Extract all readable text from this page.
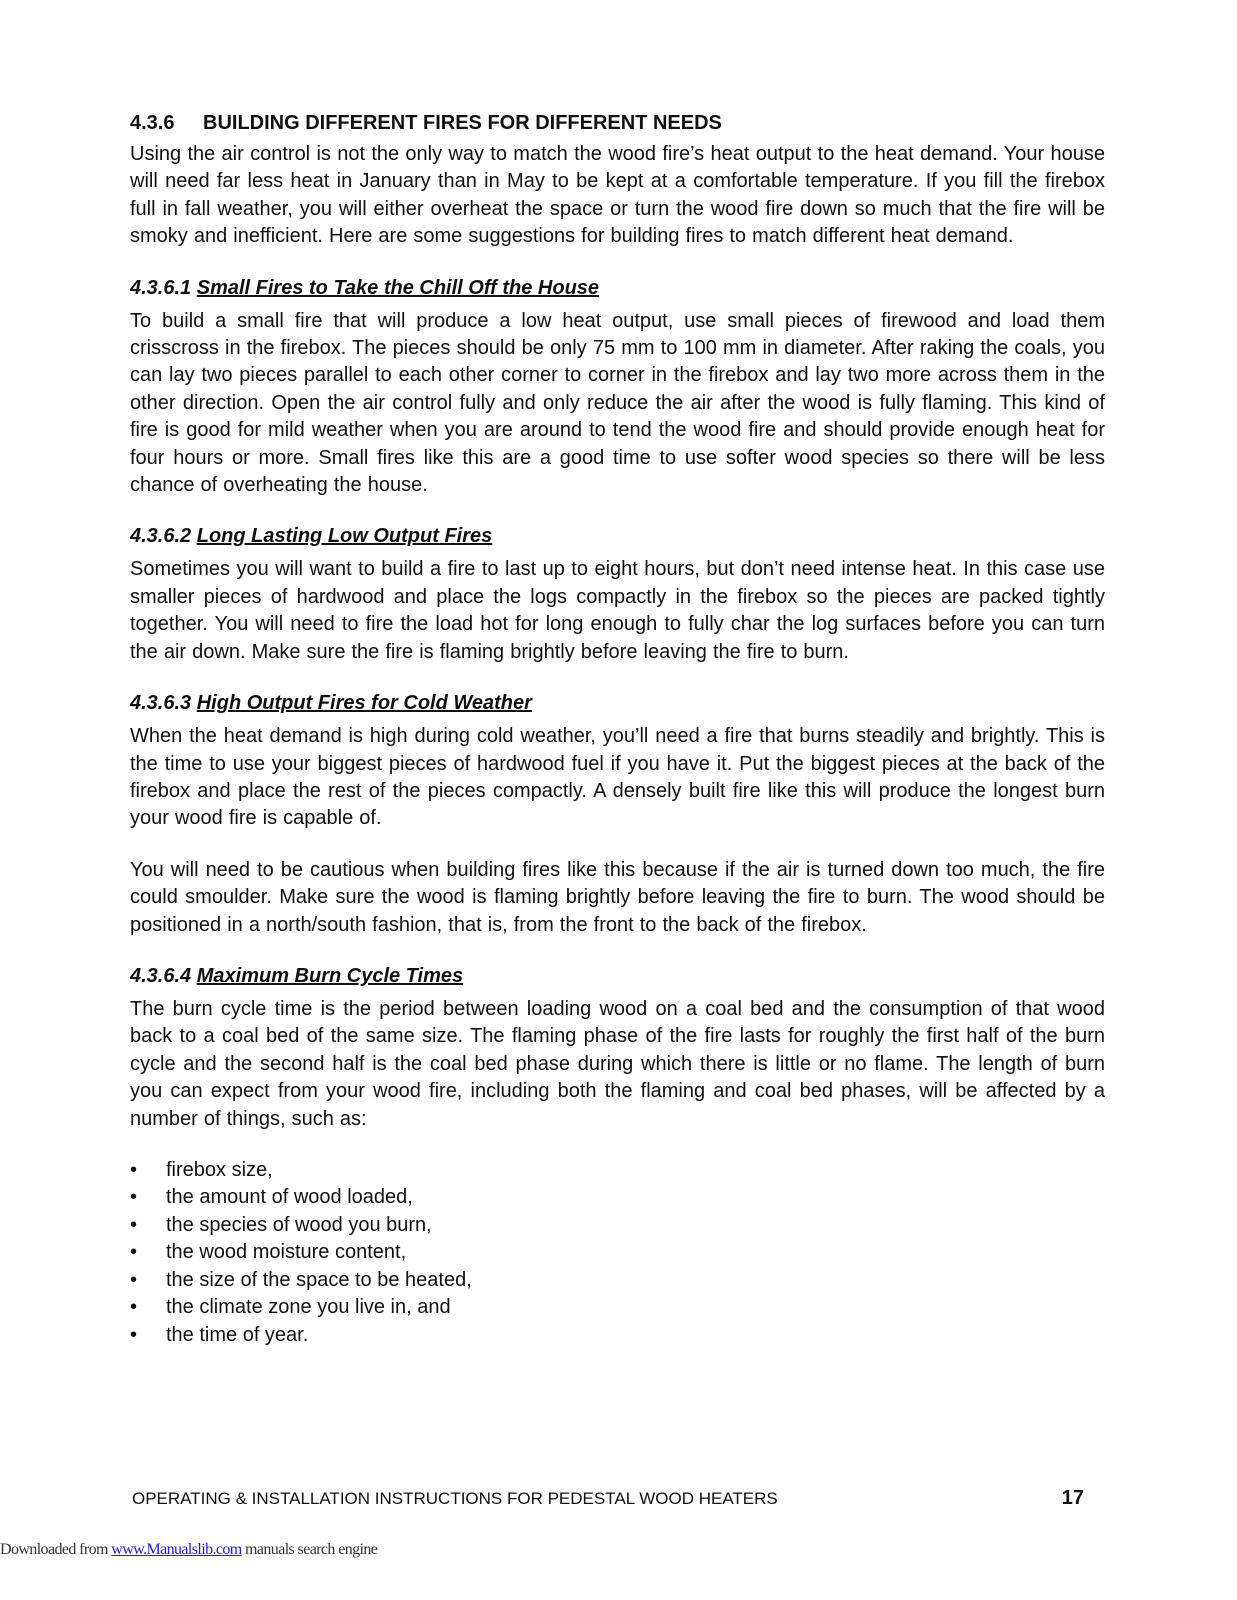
4.3.6 BUILDING DIFFERENT FIRES FOR DIFFERENT NEEDS

Using the air control is not the only way to match the wood fire’s heat output to the heat demand. Your house will need far less heat in January than in May to be kept at a comfortable temperature. If you fill the firebox full in fall weather, you will either overheat the space or turn the wood fire down so much that the fire will be smoky and inefficient. Here are some suggestions for building fires to match different heat demand.

4.3.6.1 Small Fires to Take the Chill Off the House

To build a small fire that will produce a low heat output, use small pieces of firewood and load them crisscross in the firebox. The pieces should be only 75 mm to 100 mm in diameter. After raking the coals, you can lay two pieces parallel to each other corner to corner in the firebox and lay two more across them in the other direction. Open the air control fully and only reduce the air after the wood is fully flaming. This kind of fire is good for mild weather when you are around to tend the wood fire and should provide enough heat for four hours or more. Small fires like this are a good time to use softer wood species so there will be less chance of overheating the house.

4.3.6.2 Long Lasting Low Output Fires

Sometimes you will want to build a fire to last up to eight hours, but don’t need intense heat. In this case use smaller pieces of hardwood and place the logs compactly in the firebox so the pieces are packed tightly together. You will need to fire the load hot for long enough to fully char the log surfaces before you can turn the air down. Make sure the fire is flaming brightly before leaving the fire to burn.

4.3.6.3 High Output Fires for Cold Weather

When the heat demand is high during cold weather, you’ll need a fire that burns steadily and brightly. This is the time to use your biggest pieces of hardwood fuel if you have it. Put the biggest pieces at the back of the firebox and place the rest of the pieces compactly. A densely built fire like this will produce the longest burn your wood fire is capable of.

You will need to be cautious when building fires like this because if the air is turned down too much, the fire could smoulder. Make sure the wood is flaming brightly before leaving the fire to burn. The wood should be positioned in a north/south fashion, that is, from the front to the back of the firebox.

4.3.6.4 Maximum Burn Cycle Times

The burn cycle time is the period between loading wood on a coal bed and the consumption of that wood back to a coal bed of the same size. The flaming phase of the fire lasts for roughly the first half of the burn cycle and the second half is the coal bed phase during which there is little or no flame. The length of burn you can expect from your wood fire, including both the flaming and coal bed phases, will be affected by a number of things, such as:

• firebox size,
• the amount of wood loaded,
• the species of wood you burn,
• the wood moisture content,
• the size of the space to be heated,
• the climate zone you live in, and
• the time of year.
OPERATING & INSTALLATION INSTRUCTIONS FOR PEDESTAL WOOD HEATERS	17
Downloaded from www.Manualslib.com manuals search engine
